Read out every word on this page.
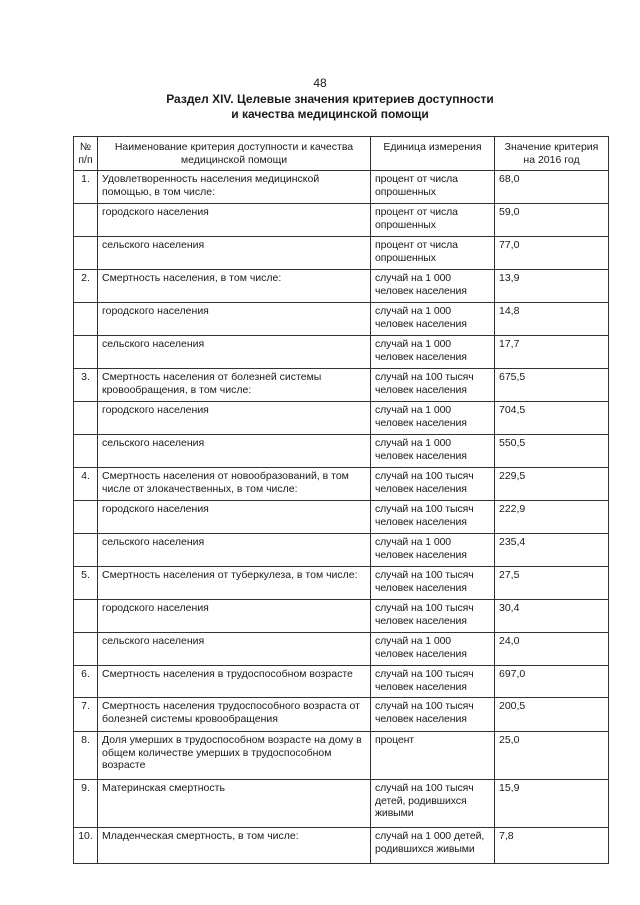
48
Раздел XIV. Целевые значения критериев доступности
и качества медицинской помощи
№ п/п	Наименование критерия доступности и качества медицинской помощи	Единица измерения	Значение критерия на 2016 год
1.	Удовлетворенность населения медицинской помощью, в том числе:	процент от числа опрошенных	68,0
	городского населения	процент от числа опрошенных	59,0
	сельского населения	процент от числа опрошенных	77,0
2.	Смертность населения, в том числе:	случай на 1 000 человек населения	13,9
	городского населения	случай на 1 000 человек населения	14,8
	сельского населения	случай на 1 000 человек населения	17,7
3.	Смертность населения от болезней системы кровообращения, в том числе:	случай на 100 тысяч человек населения	675,5
	городского населения	случай на 1 000 человек населения	704,5
	сельского населения	случай на 1 000 человек населения	550,5
4.	Смертность населения от новообразований, в том числе от злокачественных, в том числе:	случай на 100 тысяч человек населения	229,5
	городского населения	случай на 100 тысяч человек населения	222,9
	сельского населения	случай на 1 000 человек населения	235,4
5.	Смертность населения от туберкулеза, в том числе:	случай на 100 тысяч человек населения	27,5
	городского населения	случай на 100 тысяч человек населения	30,4
	сельского населения	случай на 1 000 человек населения	24,0
6.	Смертность населения в трудоспособном возрасте	случай на 100 тысяч человек населения	697,0
7.	Смертность населения трудоспособного возраста от болезней системы кровообращения	случай на 100 тысяч человек населения	200,5
8.	Доля умерших в трудоспособном возрасте на дому в общем количестве умерших в трудоспособном возрасте	процент	25,0
9.	Материнская смертность	случай на 100 тысяч детей, родившихся живыми	15,9
10.	Младенческая смертность, в том числе:	случай на 1 000 детей, родившихся живыми	7,8
